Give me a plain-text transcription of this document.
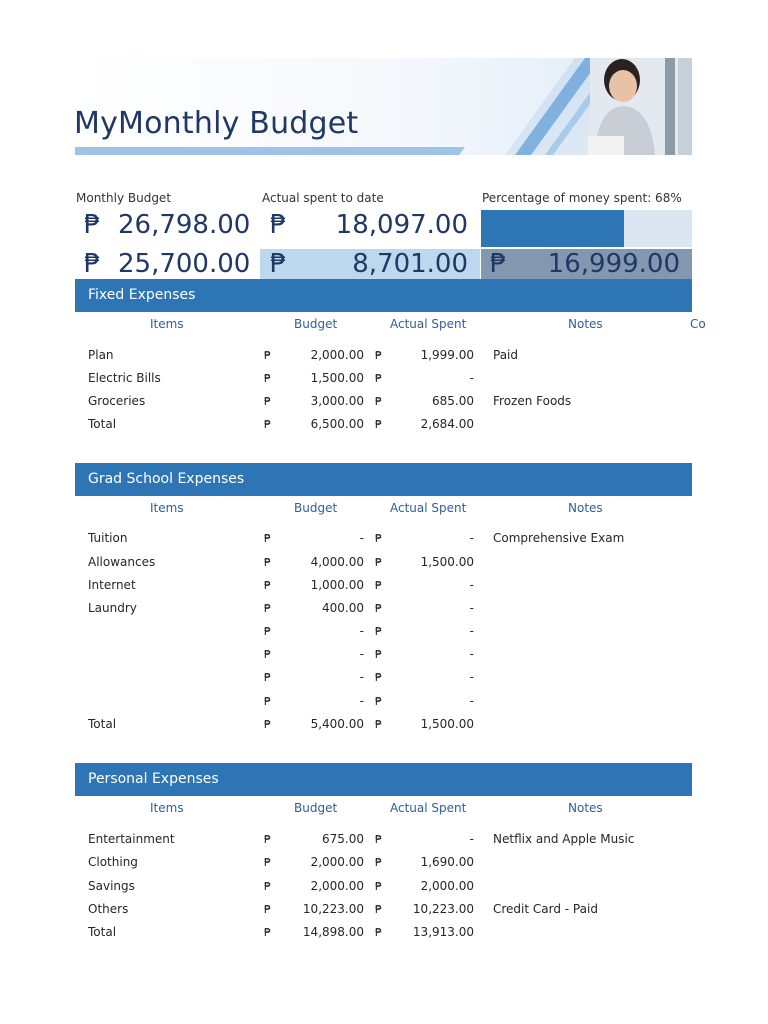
MyMonthly Budget
Monthly Budget	Actual spent to date	Percentage of money spent: 68%
₱ 26,798.00 ₱	18,097.00
₱ 25,700.00 ₱	8,701.00 ₱	16,999.00
Fixed Expenses
Items	Budget	Actual Spent	Notes	Co
Plan	₱	2,000.00 ₱	1,999.00 Paid
Electric Bills	₱	1,500.00 ₱	-
Groceries	₱	3,000.00 ₱	685.00 Frozen Foods
Total	₱	6,500.00 ₱	2,684.00
Grad School Expenses
Items	Budget	Actual Spent	Notes
Tuition	₱	- ₱	- Comprehensive Exam
Allowances	₱	4,000.00 ₱	1,500.00
Internet	₱	1,000.00 ₱	-
Laundry	₱	400.00 ₱	-
₱	- ₱	-
₱	- ₱	-
₱	- ₱	-
₱	- ₱	-
Total	₱	5,400.00 ₱	1,500.00
Personal Expenses
Items	Budget	Actual Spent	Notes
Entertainment	₱	675.00 ₱	- Netflix and Apple Music
Clothing	₱	2,000.00 ₱	1,690.00
Savings	₱	2,000.00 ₱	2,000.00
Others	₱	10,223.00 ₱	10,223.00 Credit Card - Paid
Total	₱	14,898.00 ₱	13,913.00
